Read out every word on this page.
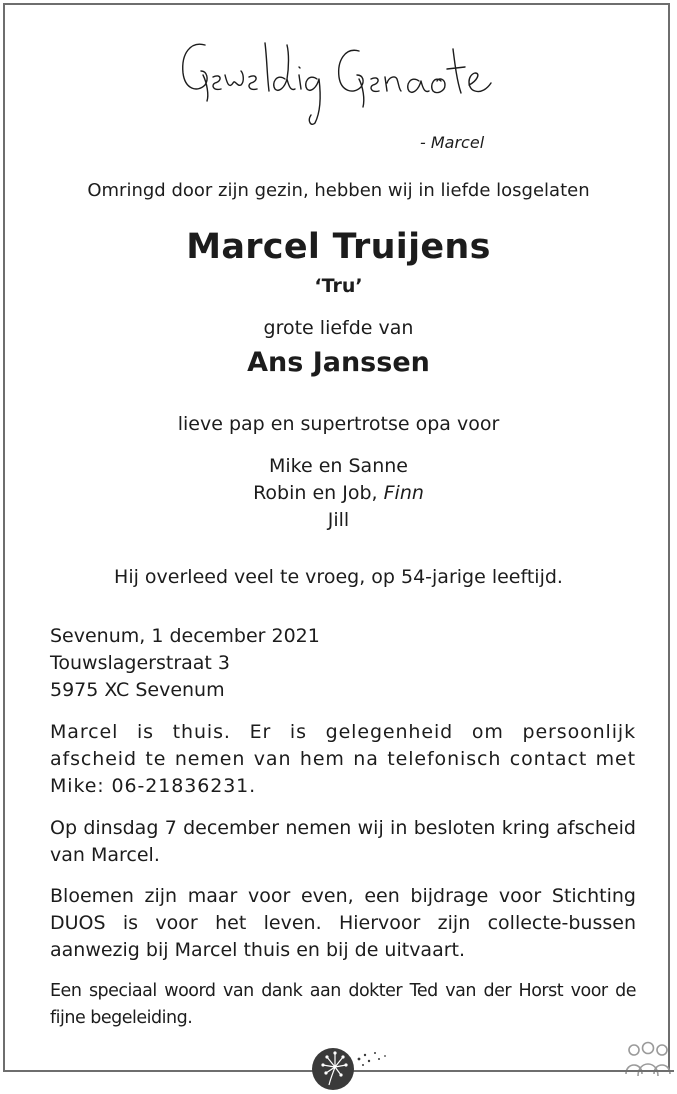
- Marcel
Omringd door zijn gezin, hebben wij in liefde losgelaten
Marcel Truijens
‘Tru’
grote liefde van
Ans Janssen
lieve pap en supertrotse opa voor
Mike en Sanne
Robin en Job, Finn
Jill
Hij overleed veel te vroeg, op 54-jarige leeftijd.
Sevenum, 1 december 2021
Touwslagerstraat 3
5975 XC Sevenum
Marcel is thuis. Er is gelegenheid om persoonlijk afscheid te nemen van hem na telefonisch contact met Mike: 06-21836231.
Op dinsdag 7 december nemen wij in besloten kring afscheid van Marcel.
Bloemen zijn maar voor even, een bijdrage voor Stichting DUOS is voor het leven. Hiervoor zijn collecte-bussen aanwezig bij Marcel thuis en bij de uitvaart.
Een speciaal woord van dank aan dokter Ted van der Horst voor de fijne begeleiding.
